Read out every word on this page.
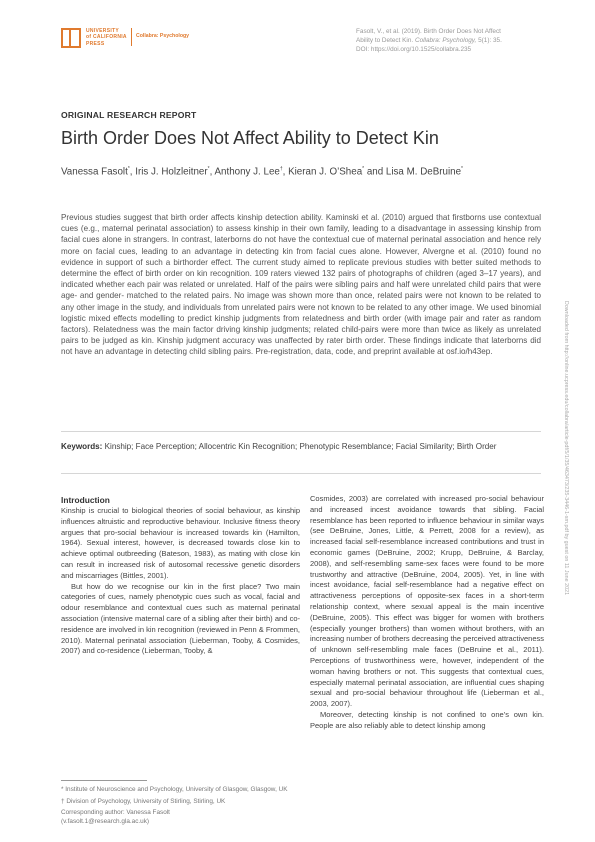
UNIVERSITY
of CALIFORNIA
PRESS
Collabra: Psychology
Fasolt, V., et al. (2019). Birth Order Does Not Affect
Ability to Detect Kin. Collabra: Psychology, 5(1): 35.
DOI: https://doi.org/10.1525/collabra.235
ORIGINAL RESEARCH REPORT
Birth Order Does Not Affect Ability to Detect Kin
Vanessa Fasolt*, Iris J. Holzleitner*, Anthony J. Lee†, Kieran J. O’Shea* and Lisa M. DeBruine*

Previous studies suggest that birth order affects kinship detection ability. Kaminski et al. (2010) argued that firstborns use contextual cues (e.g., maternal perinatal association) to assess kinship in their own family, leading to a disadvantage in assessing kinship from facial cues alone in strangers. In contrast, laterborns do not have the contextual cue of maternal perinatal association and hence rely more on facial cues, leading to an advantage in detecting kin from facial cues alone. However, Alvergne et al. (2010) found no evidence in support of such a birthorder effect. The current study aimed to replicate previous studies with better suited methods to determine the effect of birth order on kin recognition. 109 raters viewed 132 pairs of photographs of children (aged 3–17 years), and indicated whether each pair was related or unrelated. Half of the pairs were sibling pairs and half were unrelated child pairs that were age- and gender- matched to the related pairs. No image was shown more than once, related pairs were not known to be related to any other image in the study, and individuals from unrelated pairs were not known to be related to any other image. We used binomial logistic mixed effects modelling to predict kinship judgments from relatedness and birth order (with image pair and rater as random factors). Relatedness was the main factor driving kinship judgments; related child-pairs were more than twice as likely as unrelated pairs to be judged as kin. Kinship judgment accuracy was unaffected by rater birth order. These findings indicate that laterborns did not have an advantage in detecting child sibling pairs. Pre-registration, data, code, and preprint available at osf.io/h43ep.

Keywords: Kinship; Face Perception; Allocentric Kin Recognition; Phenotypic Resemblance; Facial Similarity; Birth Order

Introduction

Kinship is crucial to biological theories of social behaviour, as kinship influences altruistic and reproductive behaviour. Inclusive fitness theory argues that pro-social behaviour is increased towards kin (Hamilton, 1964). Sexual interest, however, is decreased towards close kin to achieve optimal outbreeding (Bateson, 1983), as mating with close kin can result in increased risk of autosomal recessive genetic disorders and miscarriages (Bittles, 2001).

But how do we recognise our kin in the first place? Two main categories of cues, namely phenotypic cues such as vocal, facial and odour resemblance and contextual cues such as maternal perinatal association (intensive maternal care of a sibling after their birth) and co-residence are involved in kin recognition (reviewed in Penn & Frommen, 2010). Maternal perinatal association (Lieberman, Tooby, & Cosmides, 2007) and co-residence (Lieberman, Tooby, &

Cosmides, 2003) are correlated with increased pro-social behaviour and increased incest avoidance towards that sibling. Facial resemblance has been reported to influence behaviour in similar ways (see DeBruine, Jones, Little, & Perrett, 2008 for a review), as increased facial self-resemblance increased contributions and trust in economic games (DeBruine, 2002; Krupp, DeBruine, & Barclay, 2008), and self-resembling same-sex faces were found to be more trustworthy and attractive (DeBruine, 2004, 2005). Yet, in line with incest avoidance, facial self-resemblance had a negative effect on attractiveness perceptions of opposite-sex faces in a short-term relationship context, where sexual appeal is the main incentive (DeBruine, 2005). This effect was bigger for women with brothers (especially younger brothers) than women without brothers, with an increasing number of brothers decreasing the perceived attractiveness of unknown self-resembling male faces (DeBruine et al., 2011). Perceptions of trustworthiness were, however, independent of the woman having brothers or not. This suggests that contextual cues, especially maternal perinatal association, are influential cues shaping sexual and pro-social behaviour throughout life (Lieberman et al., 2003, 2007).

Moreover, detecting kinship is not confined to one’s own kin. People are also reliably able to detect kinship among

* Institute of Neuroscience and Psychology, University of Glasgow, Glasgow, UK

† Division of Psychology, University of Stirling, Stirling, UK

Corresponding author: Vanessa Fasolt

(v.fasolt.1@research.gla.ac.uk)

Downloaded from http://online.ucpress.edu/collabra/article-pdf/5/1/35/463473/235-3446-1-sm.pdf by guest on 11 June 2021
